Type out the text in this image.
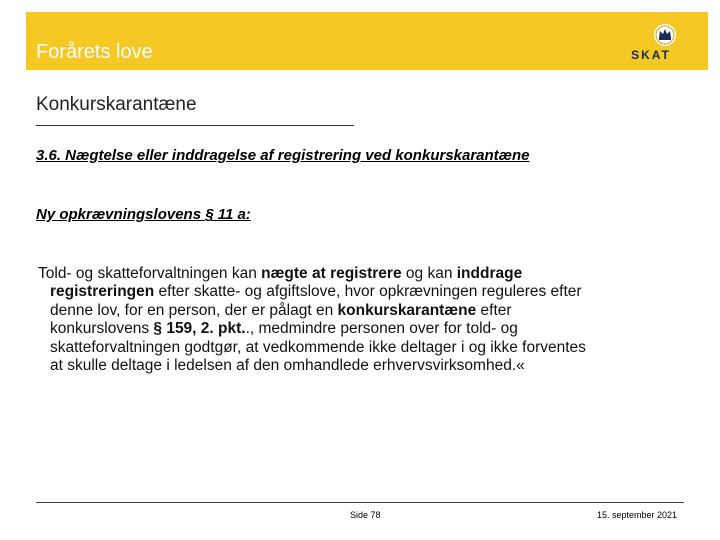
Forårets love	SKAT
Konkurskarantæne
3.6. Nægtelse eller inddragelse af registrering ved konkurskarantæne
Ny opkrævningslovens § 11 a:
Told- og skatteforvaltningen kan nægte at registrere og kan inddrage
registreringen efter skatte- og afgiftslove, hvor opkrævningen reguleres efter
denne lov, for en person, der er pålagt en konkurskarantæne efter
konkurslovens § 159, 2. pkt.., medmindre personen over for told- og
skatteforvaltningen godtgør, at vedkommende ikke deltager i og ikke forventes
at skulle deltage i ledelsen af den omhandlede erhvervsvirksomhed.«
Side 78	15. september 2021
